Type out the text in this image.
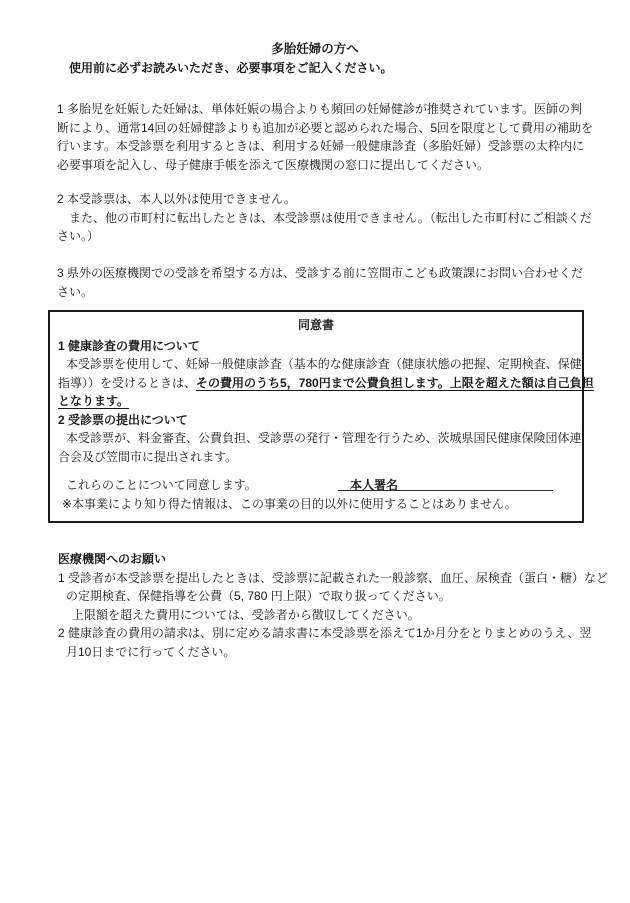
多胎妊婦の方へ
使用前に必ずお読みいただき、必要事項をご記入ください。
1 多胎児を妊娠した妊婦は、単体妊娠の場合よりも頻回の妊婦健診が推奨されています。医師の判
断により、通常14回の妊婦健診よりも追加が必要と認められた場合、5回を限度として費用の補助を
行います。本受診票を利用するときは、利用する妊婦一般健康診査（多胎妊婦）受診票の太枠内に
必要事項を記入し、母子健康手帳を添えて医療機関の窓口に提出してください。
2 本受診票は、本人以外は使用できません。
また、他の市町村に転出したときは、本受診票は使用できません。（転出した市町村にご相談くだ
さい。）
3 県外の医療機関での受診を希望する方は、受診する前に笠間市こども政策課にお問い合わせくだ
さい。
同意書
1 健康診査の費用について
本受診票を使用して、妊婦一般健康診査（基本的な健康診査（健康状態の把握、定期検査、保健
指導））を受けるときは、その費用のうち5，780円まで公費負担します。上限を超えた額は自己負担
となります。
2 受診票の提出について
本受診票が、料金審査、公費負担、受診票の発行・管理を行うため、茨城県国民健康保険団体連
合会及び笠間市に提出されます。
これらのことについて同意します。	本人署名
※本事業により知り得た情報は、この事業の目的以外に使用することはありません。
医療機関へのお願い
1 受診者が本受診票を提出したときは、受診票に記載された一般診察、血圧、尿検査（蛋白・糖）など
の定期検査、保健指導を公費（5, 780 円上限）で取り扱ってください。
上限額を超えた費用については、受診者から徴収してください。
2 健康診査の費用の請求は、別に定める請求書に本受診票を添えて1か月分をとりまとめのうえ、翌
月10日までに行ってください。
